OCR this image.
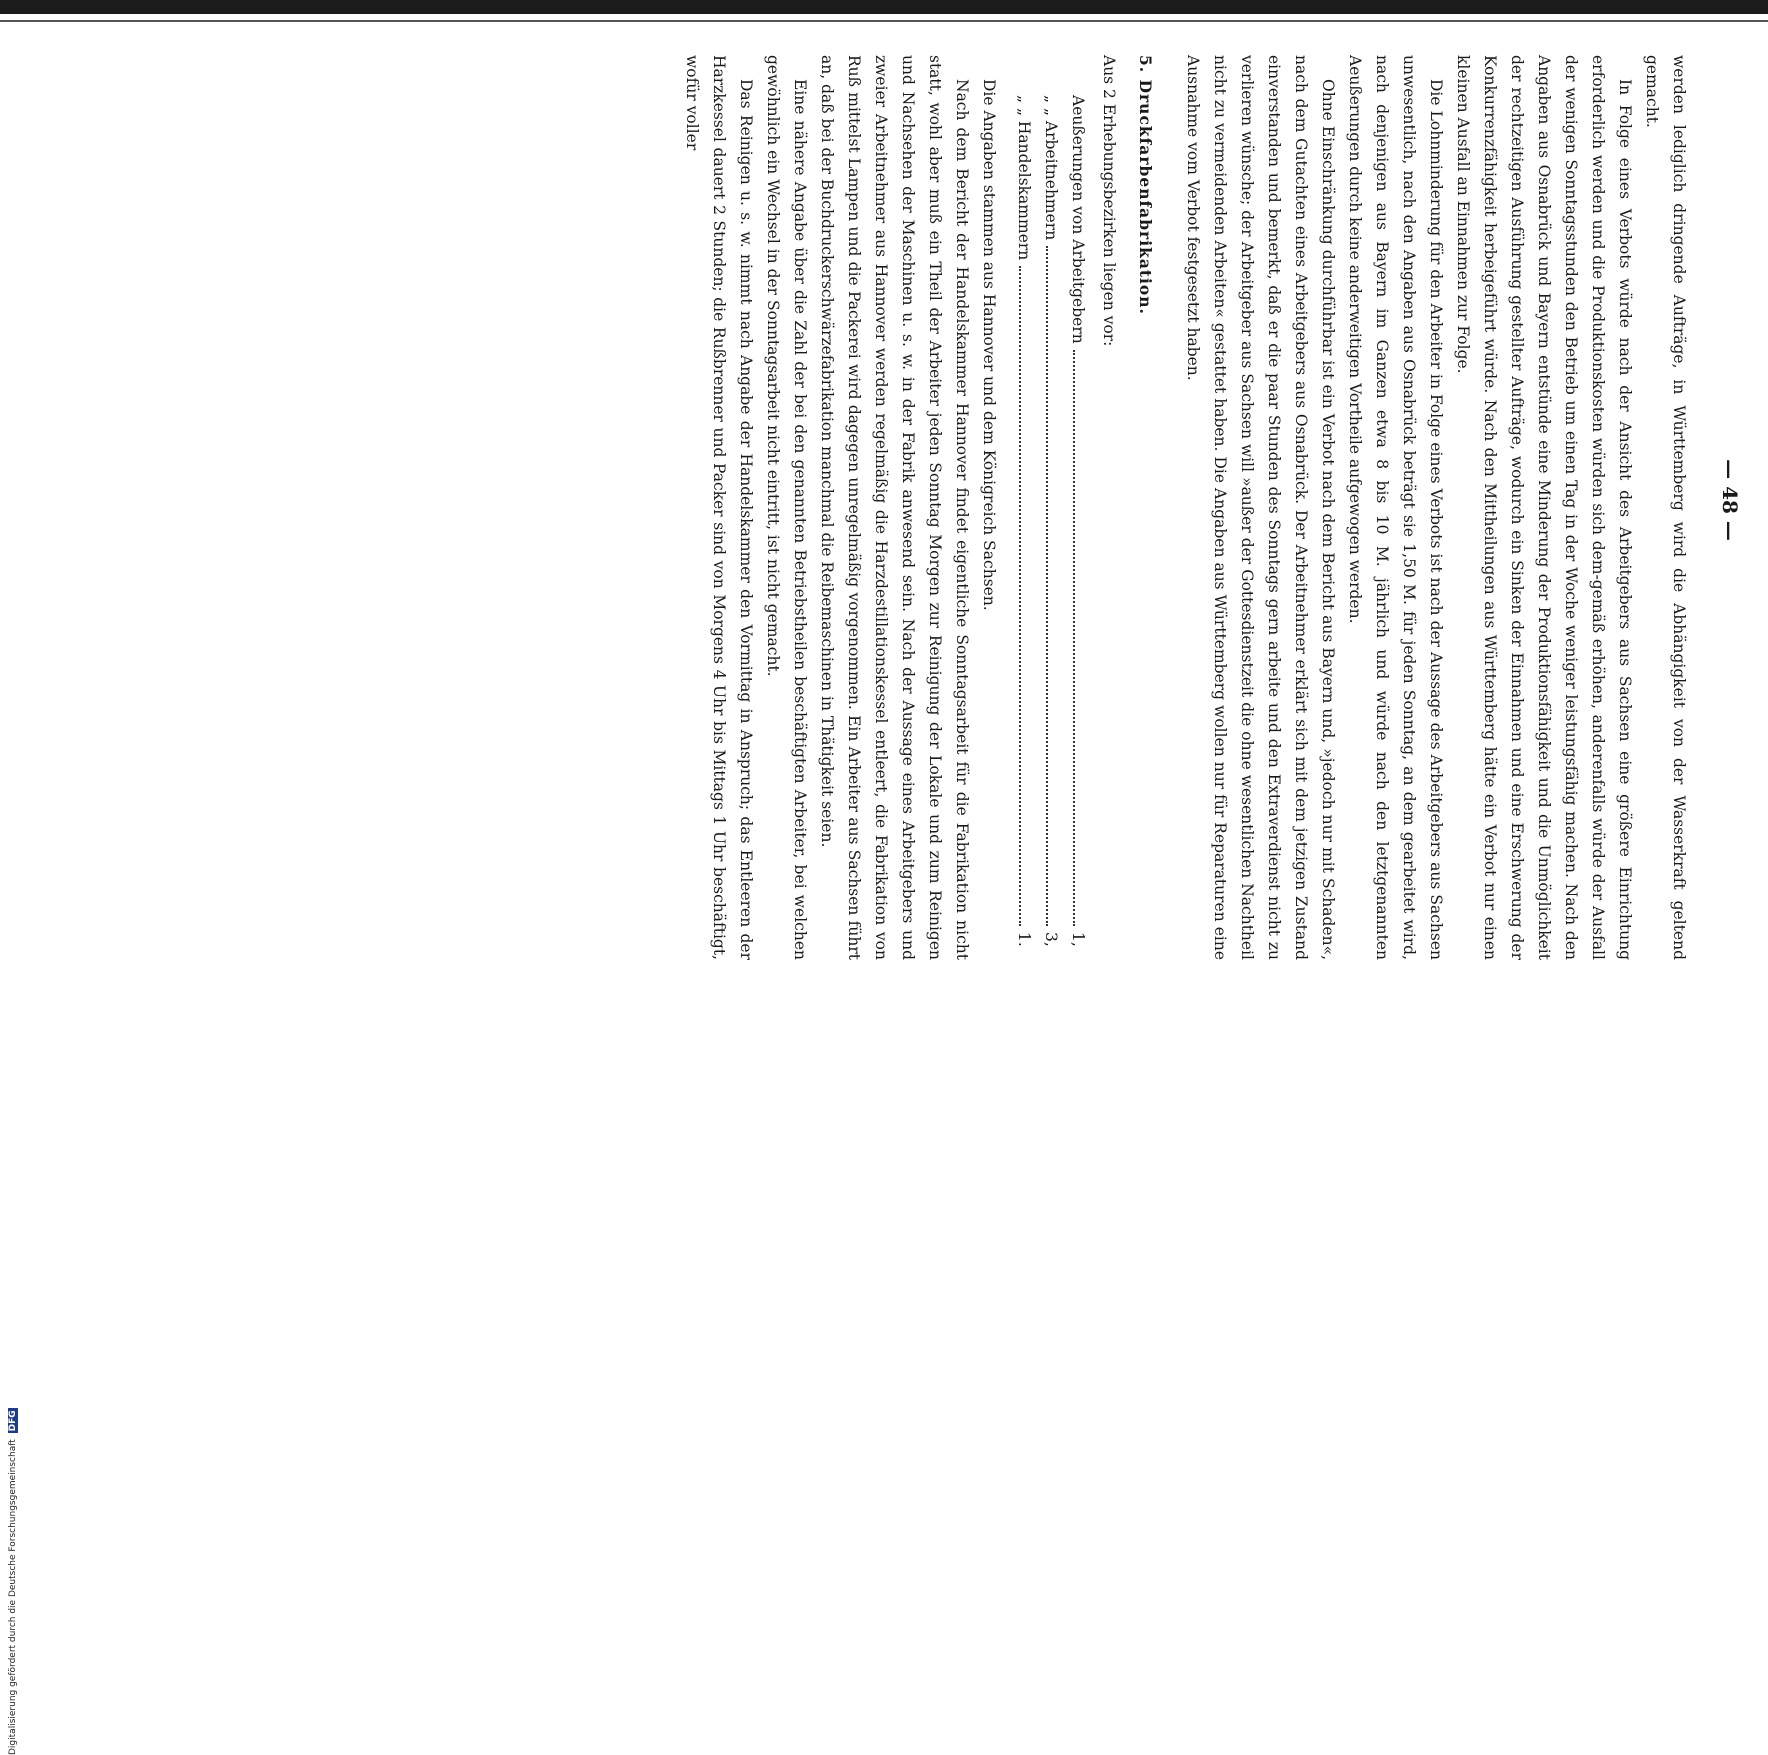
— 48 —

werden lediglich dringende Aufträge, in Württemberg wird die Abhängigkeit von der Wasserkraft geltend gemacht.

In Folge eines Verbots würde nach der Ansicht des Arbeitgebers aus Sachsen eine größere Einrichtung erforderlich werden und die Produktionskosten würden sich dem-gemäß erhöhen, anderenfalls würde der Ausfall der wenigen Sonntagsstunden den Betrieb um einen Tag in der Woche weniger leistungsfähig machen. Nach den Angaben aus Osnabrück und Bayern entstünde eine Minderung der Produktionsfähigkeit und die Unmöglichkeit der rechtzeitigen Ausführung gestellter Aufträge, wodurch ein Sinken der Einnahmen und eine Erschwerung der Konkurrenzfähigkeit herbeigeführt würde. Nach den Mittheilungen aus Württemberg hätte ein Verbot nur einen kleinen Ausfall an Einnahmen zur Folge.

Die Lohnminderung für den Arbeiter in Folge eines Verbots ist nach der Aussage des Arbeitgebers aus Sachsen unwesentlich, nach den Angaben aus Osnabrück beträgt sie 1,50 M. für jeden Sonntag, an dem gearbeitet wird, nach denjenigen aus Bayern im Ganzen etwa 8 bis 10 M. jährlich und würde nach den letztgenannten Aeußerungen durch keine anderweitigen Vortheile aufgewogen werden.

Ohne Einschränkung durchführbar ist ein Verbot nach dem Bericht aus Bayern und, »jedoch nur mit Schaden«, nach dem Gutachten eines Arbeitgebers aus Osnabrück. Der Arbeitnehmer erklärt sich mit dem jetzigen Zustand einverstanden und bemerkt, daß er die paar Stunden des Sonntags gern arbeite und den Extraverdienst nicht zu verlieren wünsche; der Arbeitgeber aus Sachsen will »außer der Gottesdienstzeit die ohne wesentlichen Nachtheil nicht zu vermeidenden Arbeiten« gestattet haben. Die Angaben aus Württemberg wollen nur für Reparaturen eine Ausnahme vom Verbot festgesetzt haben.

5. Druckfarbenfabrikation.

Aus 2 Erhebungsbezirken liegen vor:

Aeußerungen von Arbeitgebern
1,
„ „ Arbeitnehmern
3,
„ „ Handelskammern
1.

Die Angaben stammen aus Hannover und dem Königreich Sachsen.

Nach dem Bericht der Handelskammer Hannover findet eigentliche Sonntagsarbeit für die Fabrikation nicht statt, wohl aber muß ein Theil der Arbeiter jeden Sonntag Morgen zur Reinigung der Lokale und zum Reinigen und Nachsehen der Maschinen u. s. w. in der Fabrik anwesend sein. Nach der Aussage eines Arbeitgebers und zweier Arbeitnehmer aus Hannover werden regelmäßig die Harzdestillationskessel entleert, die Fabrikation von Ruß mittelst Lampen und die Packerei wird dagegen unregelmäßig vorgenommen. Ein Arbeiter aus Sachsen führt an, daß bei der Buchdruckerschwärzefabrikation manchmal die Reibemaschinen in Thätigkeit seien.

Eine nähere Angabe über die Zahl der bei den genannten Betriebstheilen beschäftigten Arbeiter, bei welchen gewöhnlich ein Wechsel in der Sonntagsarbeit nicht eintritt, ist nicht gemacht.

Das Reinigen u. s. w. nimmt nach Angabe der Handelskammer den Vormittag in Anspruch; das Entleeren der Harzkessel dauert 2 Stunden; die Rußbrenner und Packer sind von Morgens 4 Uhr bis Mittags 1 Uhr beschäftigt, wofür voller

Digitalisierung gefördert durch die Deutsche Forschungsgemeinschaft DFG
